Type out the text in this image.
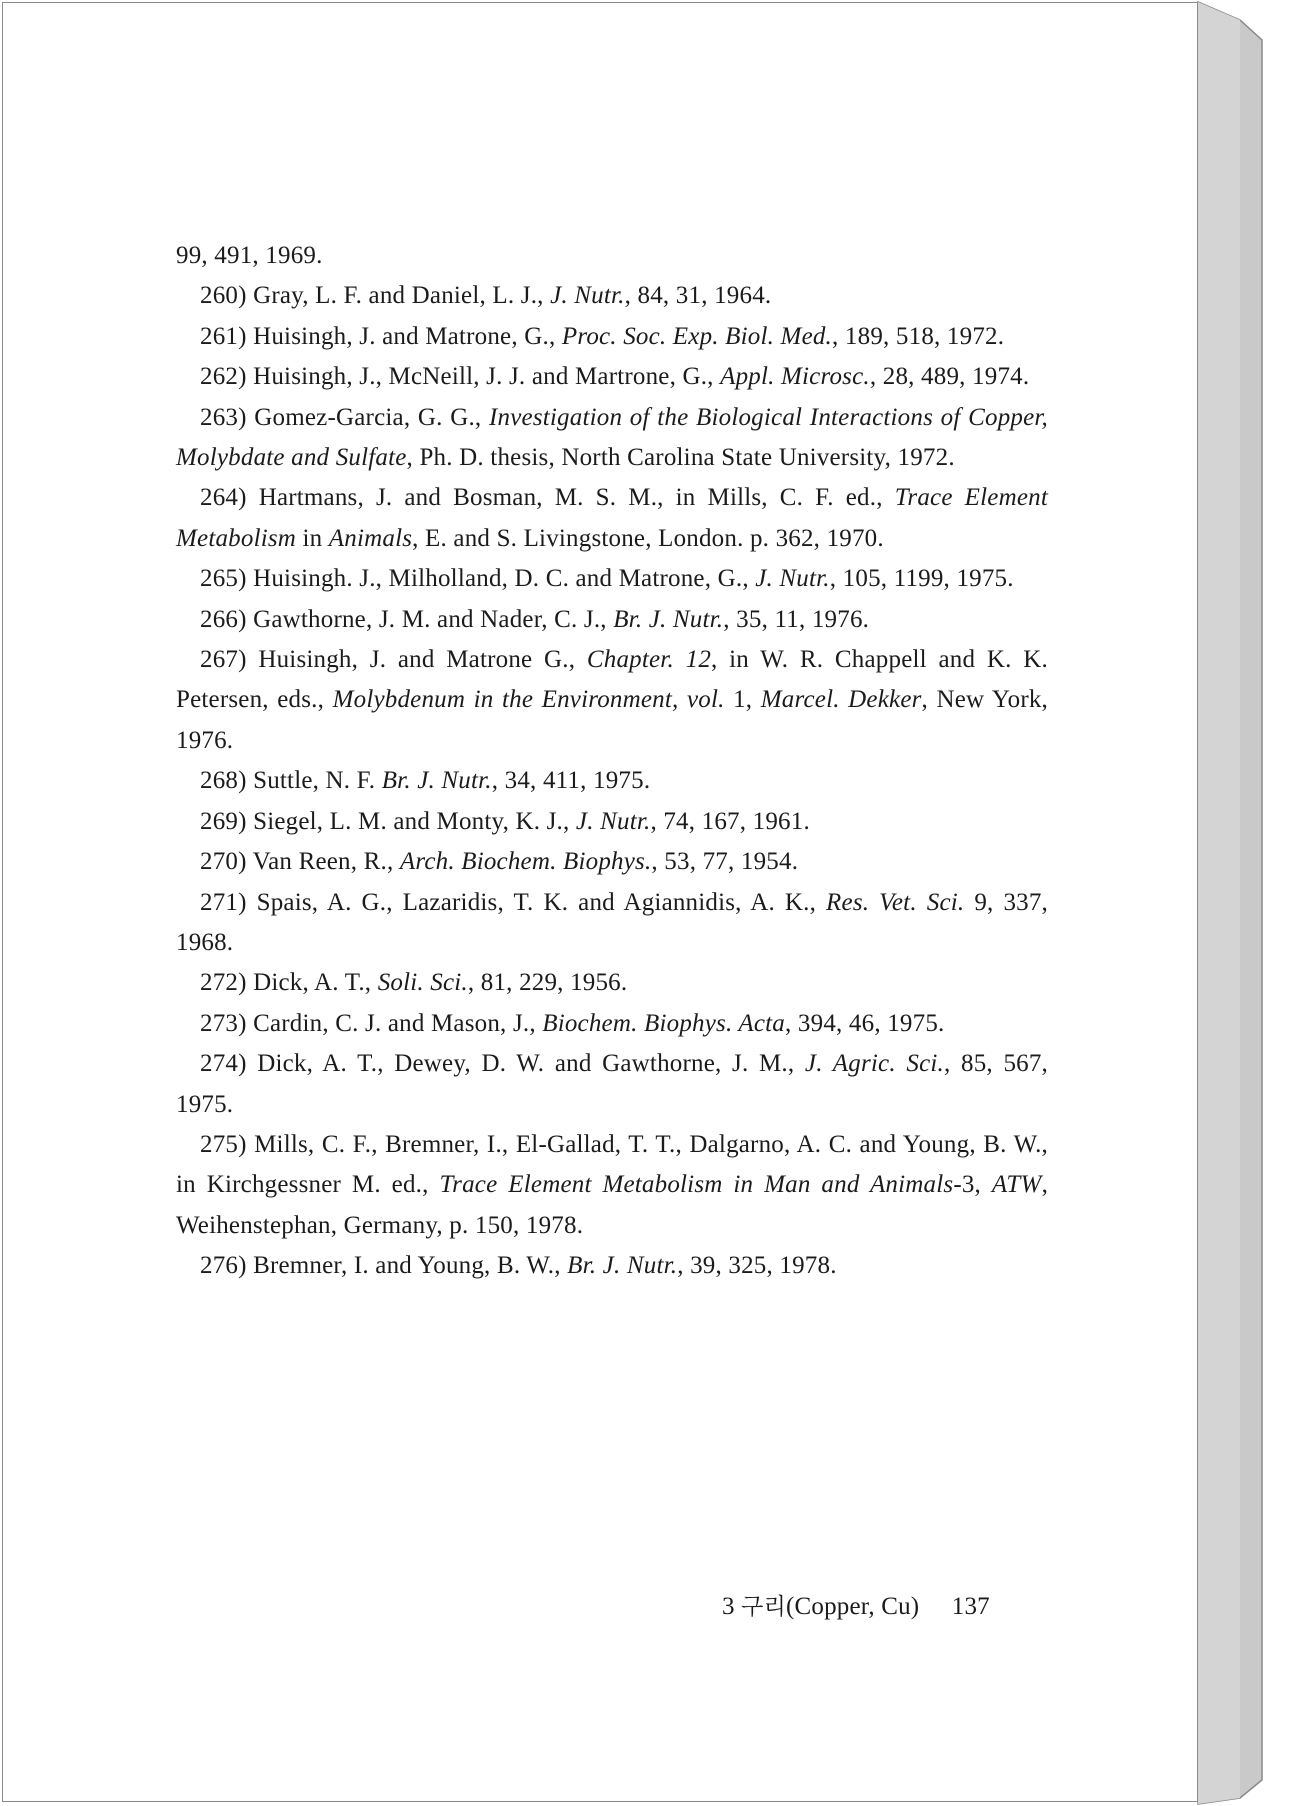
99, 491, 1969.
260) Gray, L. F. and Daniel, L. J., J. Nutr., 84, 31, 1964.
261) Huisingh, J. and Matrone, G., Proc. Soc. Exp. Biol. Med., 189, 518, 1972.
262) Huisingh, J., McNeill, J. J. and Martrone, G., Appl. Microsc., 28, 489, 1974.
263) Gomez-Garcia, G. G., Investigation of the Biological Interactions of Copper, Molybdate and Sulfate, Ph. D. thesis, North Carolina State University, 1972.
264) Hartmans, J. and Bosman, M. S. M., in Mills, C. F. ed., Trace Element Metabolism in Animals, E. and S. Livingstone, London. p. 362, 1970.
265) Huisingh. J., Milholland, D. C. and Matrone, G., J. Nutr., 105, 1199, 1975.
266) Gawthorne, J. M. and Nader, C. J., Br. J. Nutr., 35, 11, 1976.
267) Huisingh, J. and Matrone G., Chapter. 12, in W. R. Chappell and K. K. Petersen, eds., Molybdenum in the Environment, vol. 1, Marcel. Dekker, New York, 1976.
268) Suttle, N. F. Br. J. Nutr., 34, 411, 1975.
269) Siegel, L. M. and Monty, K. J., J. Nutr., 74, 167, 1961.
270) Van Reen, R., Arch. Biochem. Biophys., 53, 77, 1954.
271) Spais, A. G., Lazaridis, T. K. and Agiannidis, A. K., Res. Vet. Sci. 9, 337, 1968.
272) Dick, A. T., Soli. Sci., 81, 229, 1956.
273) Cardin, C. J. and Mason, J., Biochem. Biophys. Acta, 394, 46, 1975.
274) Dick, A. T., Dewey, D. W. and Gawthorne, J. M., J. Agric. Sci., 85, 567, 1975.
275) Mills, C. F., Bremner, I., El-Gallad, T. T., Dalgarno, A. C. and Young, B. W., in Kirchgessner M. ed., Trace Element Metabolism in Man and Animals-3, ATW, Weihenstephan, Germany, p. 150, 1978.
276) Bremner, I. and Young, B. W., Br. J. Nutr., 39, 325, 1978.
3 구리(Copper, Cu) 137
